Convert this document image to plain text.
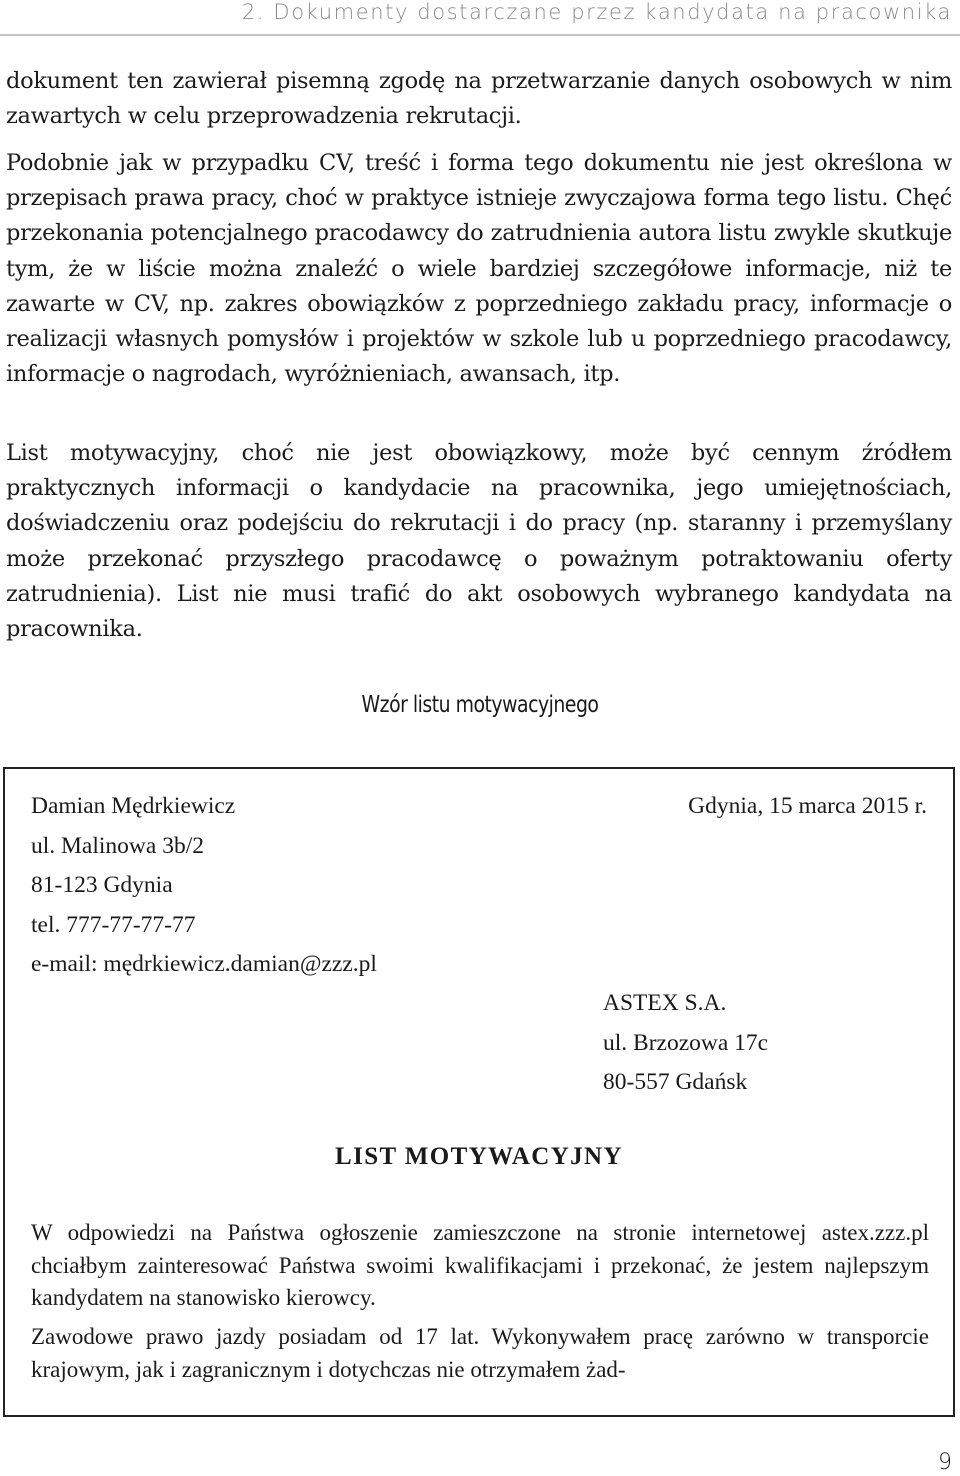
2. Dokumenty dostarczane przez kandydata na pracownika
dokument ten zawierał pisemną zgodę na przetwarzanie danych osobowych w nim zawartych w celu przeprowadzenia rekrutacji.
Podobnie jak w przypadku CV, treść i forma tego dokumentu nie jest określona w przepisach prawa pracy, choć w praktyce istnieje zwyczajowa forma tego listu. Chęć przekonania potencjalnego pracodawcy do zatrudnienia autora listu zwykle skutkuje tym, że w liście można znaleźć o wiele bardziej szczegółowe informacje, niż te zawarte w CV, np. zakres obowiązków z poprzedniego zakładu pracy, informacje o realizacji własnych pomysłów i projektów w szkole lub u poprzedniego pracodawcy, informacje o nagrodach, wyróżnieniach, awansach, itp.
List motywacyjny, choć nie jest obowiązkowy, może być cennym źródłem praktycznych informacji o kandydacie na pracownika, jego umiejętnościach, doświadczeniu oraz podejściu do rekrutacji i do pracy (np. staranny i przemyślany może przekonać przyszłego pracodawcę o poważnym potraktowaniu oferty zatrudnienia). List nie musi trafić do akt osobowych wybranego kandydata na pracownika.
Wzór listu motywacyjnego
Damian Mędrkiewicz
ul. Malinowa 3b/2
81-123 Gdynia
tel. 777-77-77-77
e-mail: mędrkiewicz.damian@zzz.pl
Gdynia, 15 marca 2015 r.
ASTEX S.A.
ul. Brzozowa 17c
80-557 Gdańsk
LIST MOTYWACYJNY
W odpowiedzi na Państwa ogłoszenie zamieszczone na stronie internetowej astex.zzz.pl chciałbym zainteresować Państwa swoimi kwalifikacjami i przekonać, że jestem najlepszym kandydatem na stanowisko kierowcy.
Zawodowe prawo jazdy posiadam od 17 lat. Wykonywałem pracę zarówno w transporcie krajowym, jak i zagranicznym i dotychczas nie otrzymałem żad-
9
